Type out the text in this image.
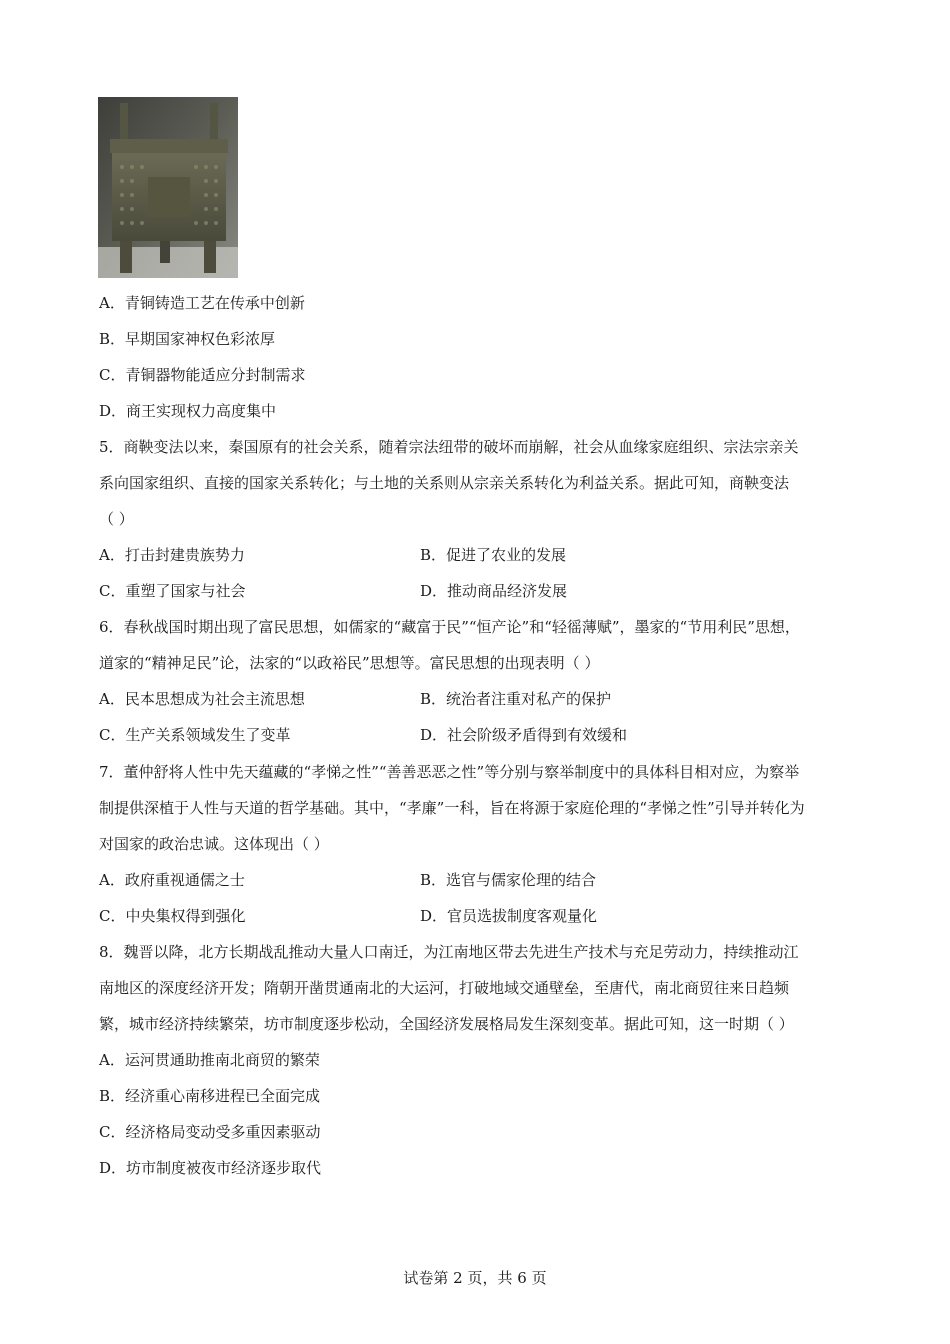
A．青铜铸造工艺在传承中创新
B．早期国家神权色彩浓厚
C．青铜器物能适应分封制需求
D．商王实现权力高度集中
5．商鞅变法以来，秦国原有的社会关系，随着宗法纽带的破坏而崩解，社会从血缘家庭组织、宗法宗亲关
系向国家组织、直接的国家关系转化；与土地的关系则从宗亲关系转化为利益关系。据此可知，商鞅变法
（ ）
A．打击封建贵族势力	B．促进了农业的发展
C．重塑了国家与社会	D．推动商品经济发展
6．春秋战国时期出现了富民思想，如儒家的“藏富于民”“恒产论”和“轻徭薄赋”，墨家的“节用利民”思想，
道家的“精神足民”论，法家的“以政裕民”思想等。富民思想的出现表明（ ）
A．民本思想成为社会主流思想	B．统治者注重对私产的保护
C．生产关系领域发生了变革	D．社会阶级矛盾得到有效缓和
7．董仲舒将人性中先天蕴藏的“孝悌之性”“善善恶恶之性”等分别与察举制度中的具体科目相对应，为察举
制提供深植于人性与天道的哲学基础。其中，“孝廉”一科，旨在将源于家庭伦理的“孝悌之性”引导并转化为
对国家的政治忠诚。这体现出（ ）
A．政府重视通儒之士	B．选官与儒家伦理的结合
C．中央集权得到强化	D．官员选拔制度客观量化
8．魏晋以降，北方长期战乱推动大量人口南迁，为江南地区带去先进生产技术与充足劳动力，持续推动江
南地区的深度经济开发；隋朝开凿贯通南北的大运河，打破地域交通壁垒，至唐代，南北商贸往来日趋频
繁，城市经济持续繁荣，坊市制度逐步松动，全国经济发展格局发生深刻变革。据此可知，这一时期（ ）
A．运河贯通助推南北商贸的繁荣
B．经济重心南移进程已全面完成
C．经济格局变动受多重因素驱动
D．坊市制度被夜市经济逐步取代
试卷第 2 页，共 6 页
